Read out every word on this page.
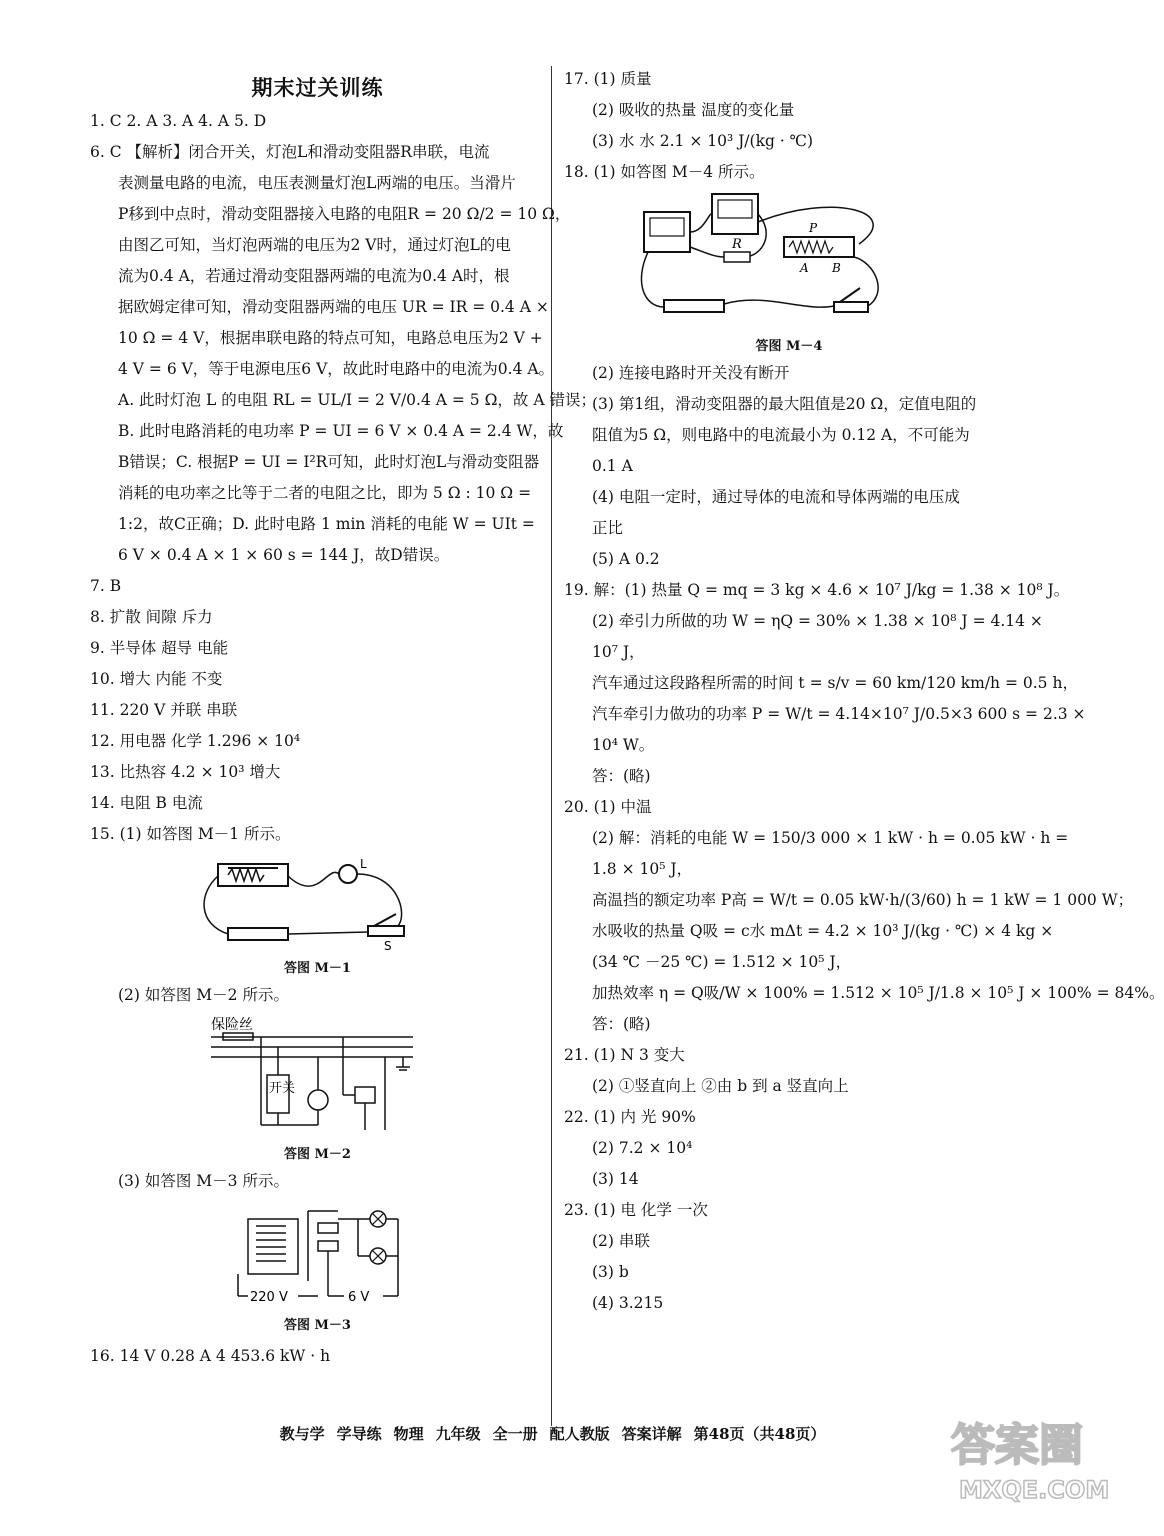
期末过关训练
1. C 2. A 3. A 4. A 5. D
6. C 【解析】闭合开关，灯泡L和滑动变阻器R串联，电流
表测量电路的电流，电压表测量灯泡L两端的电压。当滑片
P移到中点时，滑动变阻器接入电路的电阻R = 20 Ω/2 = 10 Ω，
由图乙可知，当灯泡两端的电压为2 V时，通过灯泡L的电
流为0.4 A，若通过滑动变阻器两端的电流为0.4 A时，根
据欧姆定律可知，滑动变阻器两端的电压 UR = IR = 0.4 A ×
10 Ω = 4 V，根据串联电路的特点可知，电路总电压为2 V +
4 V = 6 V，等于电源电压6 V，故此时电路中的电流为0.4 A。
A. 此时灯泡 L 的电阻 RL = UL/I = 2 V/0.4 A = 5 Ω，故 A 错误；
B. 此时电路消耗的电功率 P = UI = 6 V × 0.4 A = 2.4 W，故
B错误；C. 根据P = UI = I²R可知，此时灯泡L与滑动变阻器
消耗的电功率之比等于二者的电阻之比，即为 5 Ω : 10 Ω =
1:2，故C正确；D. 此时电路 1 min 消耗的电能 W = UIt =
6 V × 0.4 A × 1 × 60 s = 144 J，故D错误。
7. B
8. 扩散 间隙 斥力
9. 半导体 超导 电能
10. 增大 内能 不变
11. 220 V 并联 串联
12. 用电器 化学 1.296 × 10⁴
13. 比热容 4.2 × 10³ 增大
14. 电阻 B 电流
15. (1) 如答图 M－1 所示。
L
S
答图 M－1
(2) 如答图 M－2 所示。
保险丝
开关
答图 M－2
(3) 如答图 M－3 所示。
220 V	6 V
答图 M－3
16. 14 V 0.28 A 4 453.6 kW · h
17. (1) 质量
(2) 吸收的热量 温度的变化量
(3) 水 水 2.1 × 10³ J/(kg · ℃)
18. (1) 如答图 M－4 所示。
R
P
A B
答图 M－4
(2) 连接电路时开关没有断开
(3) 第1组，滑动变阻器的最大阻值是20 Ω，定值电阻的
阻值为5 Ω，则电路中的电流最小为 0.12 A，不可能为
0.1 A
(4) 电阻一定时，通过导体的电流和导体两端的电压成
正比
(5) A 0.2
19. 解：(1) 热量 Q = mq = 3 kg × 4.6 × 10⁷ J/kg = 1.38 × 10⁸ J。
(2) 牵引力所做的功 W = ηQ = 30% × 1.38 × 10⁸ J = 4.14 ×
10⁷ J，
汽车通过这段路程所需的时间 t = s/v = 60 km/120 km/h = 0.5 h，
汽车牵引力做功的功率 P = W/t = 4.14×10⁷ J/0.5×3 600 s = 2.3 ×
10⁴ W。
答：(略)
20. (1) 中温
(2) 解：消耗的电能 W = 150/3 000 × 1 kW · h = 0.05 kW · h =
1.8 × 10⁵ J，
高温挡的额定功率 P高 = W/t = 0.05 kW·h/(3/60) h = 1 kW = 1 000 W；
水吸收的热量 Q吸 = c水 mΔt = 4.2 × 10³ J/(kg · ℃) × 4 kg ×
(34 ℃ －25 ℃) = 1.512 × 10⁵ J，
加热效率 η = Q吸/W × 100% = 1.512 × 10⁵ J/1.8 × 10⁵ J × 100% = 84%。
答：(略)
21. (1) N 3 变大
(2) ①竖直向上 ②由 b 到 a 竖直向上
22. (1) 内 光 90%
(2) 7.2 × 10⁴
(3) 14
23. (1) 电 化学 一次
(2) 串联
(3) b
(4) 3.215
教与学 学导练 物理 九年级 全一册 配人教版 答案详解 第48页（共48页）	答案圈
MXQE.COM
